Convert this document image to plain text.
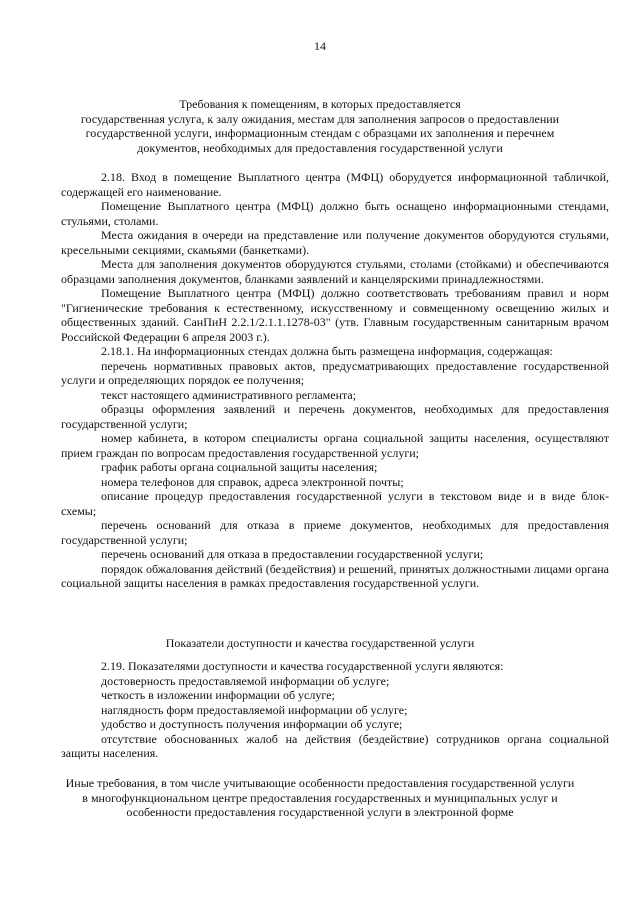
14
Требования к помещениям, в которых предоставляется
государственная услуга, к залу ожидания, местам для заполнения запросов о предоставлении
государственной услуги, информационным стендам с образцами их заполнения и перечнем
документов, необходимых для предоставления государственной услуги

2.18. Вход в помещение Выплатного центра (МФЦ) оборудуется информационной табличкой, содержащей его наименование.

Помещение Выплатного центра (МФЦ) должно быть оснащено информационными стендами, стульями, столами.

Места ожидания в очереди на представление или получение документов оборудуются стульями, кресельными секциями, скамьями (банкетками).

Места для заполнения документов оборудуются стульями, столами (стойками) и обеспечиваются образцами заполнения документов, бланками заявлений и канцелярскими принадлежностями.

Помещение Выплатного центра (МФЦ) должно соответствовать требованиям правил и норм "Гигиенические требования к естественному, искусственному и совмещенному освещению жилых и общественных зданий. СанПиН 2.2.1/2.1.1.1278-03" (утв. Главным государственным санитарным врачом Российской Федерации 6 апреля 2003 г.).

2.18.1. На информационных стендах должна быть размещена информация, содержащая:

перечень нормативных правовых актов, предусматривающих предоставление государственной услуги и определяющих порядок ее получения;

текст настоящего административного регламента;

образцы оформления заявлений и перечень документов, необходимых для предоставления государственной услуги;

номер кабинета, в котором специалисты органа социальной защиты населения, осуществляют прием граждан по вопросам предоставления государственной услуги;

график работы органа социальной защиты населения;

номера телефонов для справок, адреса электронной почты;

описание процедур предоставления государственной услуги в текстовом виде и в виде блок-схемы;

перечень оснований для отказа в приеме документов, необходимых для предоставления государственной услуги;

перечень оснований для отказа в предоставлении государственной услуги;

порядок обжалования действий (бездействия) и решений, принятых должностными лицами органа социальной защиты населения в рамках предоставления государственной услуги.

Показатели доступности и качества государственной услуги

2.19. Показателями доступности и качества государственной услуги являются:

достоверность предоставляемой информации об услуге;

четкость в изложении информации об услуге;

наглядность форм предоставляемой информации об услуге;

удобство и доступность получения информации об услуге;

отсутствие обоснованных жалоб на действия (бездействие) сотрудников органа социальной защиты населения.

Иные требования, в том числе учитывающие особенности предоставления государственной услуги
в многофункциональном центре предоставления государственных и муниципальных услуг и
особенности предоставления государственной услуги в электронной форме
